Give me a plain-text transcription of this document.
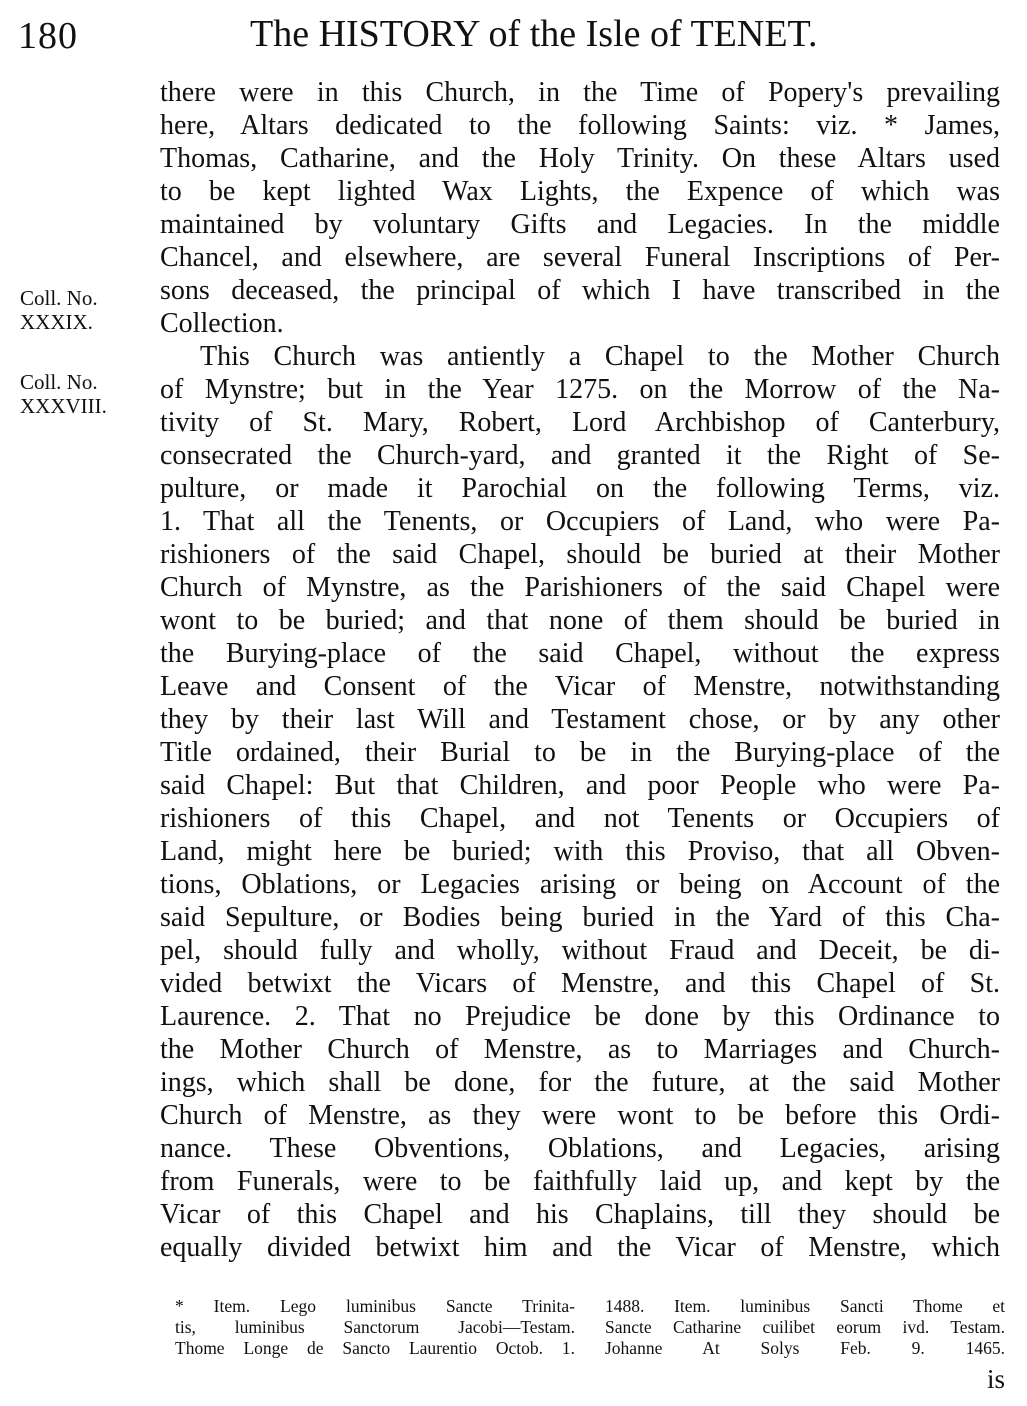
180	The HISTORY of the Isle of TENET.
Coll. No. XXXIX.
Coll. No. XXXVIII.
there were in this Church, in the Time of Popery's prevailing
here, Altars dedicated to the following Saints: viz. * James,
Thomas, Catharine, and the Holy Trinity. On these Altars used
to be kept lighted Wax Lights, the Expence of which was
maintained by voluntary Gifts and Legacies. In the middle
Chancel, and elsewhere, are several Funeral Inscriptions of Per-
sons deceased, the principal of which I have transcribed in the
Collection.
This Church was antiently a Chapel to the Mother Church
of Mynstre; but in the Year 1275. on the Morrow of the Na-
tivity of St. Mary, Robert, Lord Archbishop of Canterbury,
consecrated the Church-yard, and granted it the Right of Se-
pulture, or made it Parochial on the following Terms, viz.
1. That all the Tenents, or Occupiers of Land, who were Pa-
rishioners of the said Chapel, should be buried at their Mother
Church of Mynstre, as the Parishioners of the said Chapel were
wont to be buried; and that none of them should be buried in
the Burying-place of the said Chapel, without the express
Leave and Consent of the Vicar of Menstre, notwithstanding
they by their last Will and Testament chose, or by any other
Title ordained, their Burial to be in the Burying-place of the
said Chapel: But that Children, and poor People who were Pa-
rishioners of this Chapel, and not Tenents or Occupiers of
Land, might here be buried; with this Proviso, that all Obven-
tions, Oblations, or Legacies arising or being on Account of the
said Sepulture, or Bodies being buried in the Yard of this Cha-
pel, should fully and wholly, without Fraud and Deceit, be di-
vided betwixt the Vicars of Menstre, and this Chapel of St.
Laurence. 2. That no Prejudice be done by this Ordinance to
the Mother Church of Menstre, as to Marriages and Church-
ings, which shall be done, for the future, at the said Mother
Church of Menstre, as they were wont to be before this Ordi-
nance. These Obventions, Oblations, and Legacies, arising
from Funerals, were to be faithfully laid up, and kept by the
Vicar of this Chapel and his Chaplains, till they should be
equally divided betwixt him and the Vicar of Menstre, which
* Item. Lego luminibus Sancte Trinita-
tis, luminibus Sanctorum Jacobi—Testam.
Thome Longe de Sancto Laurentio Octob. 1.
1488. Item. luminibus Sancti Thome et
Sancte Catharine cuilibet eorum ivd. Testam.
Johanne At Solys Feb. 9. 1465.
is
